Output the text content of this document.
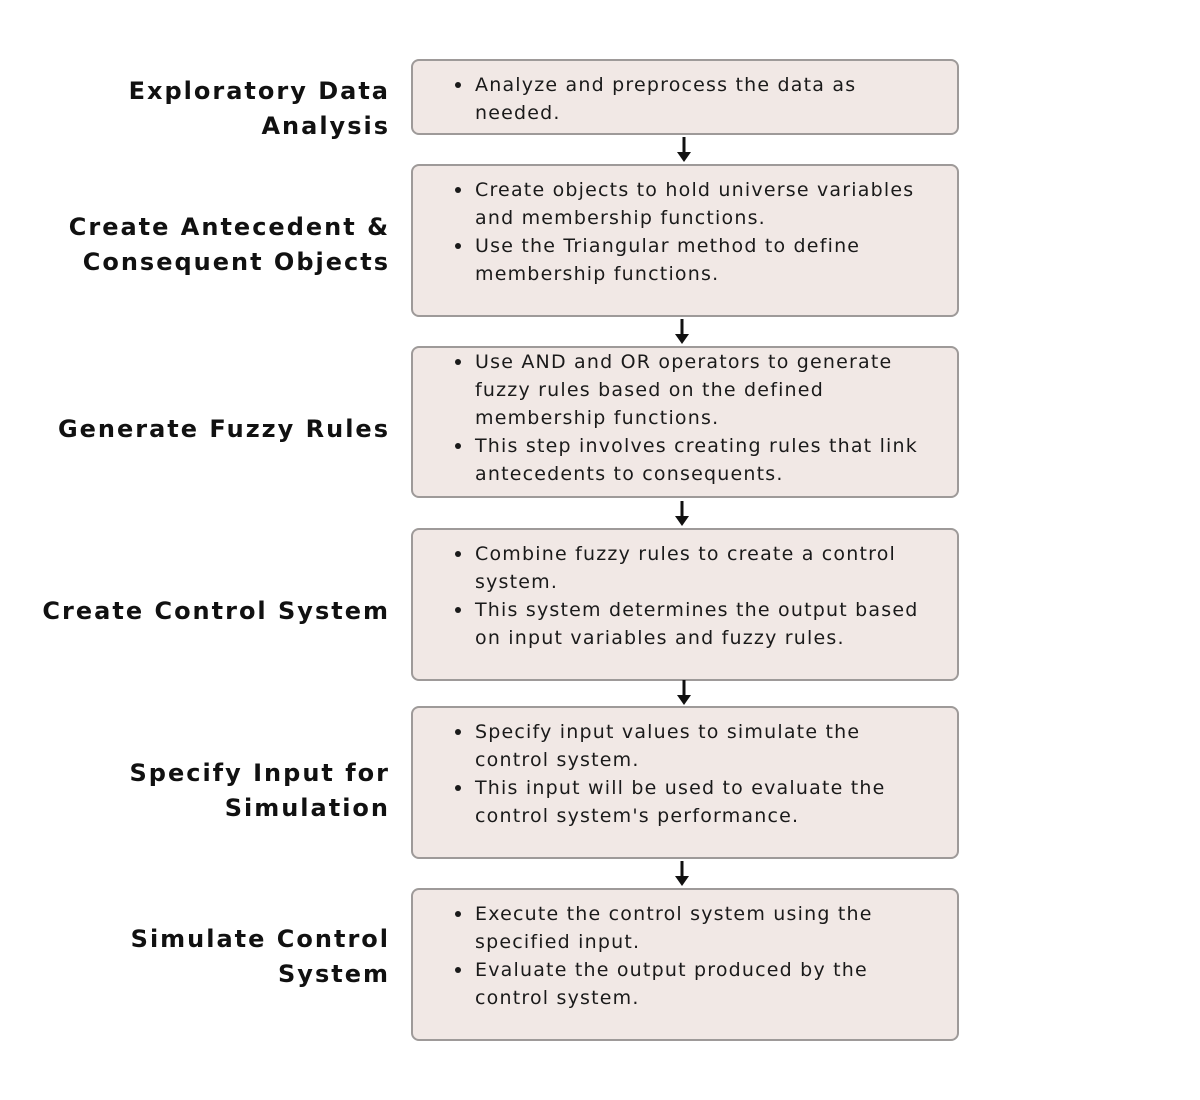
Exploratory Data Analysis
Create Antecedent & Consequent Objects
Generate Fuzzy Rules
Create Control System
Specify Input for Simulation
Simulate Control System
Analyze and preprocess the data as needed.
Create objects to hold universe variables and membership functions.
Use the Triangular method to define membership functions.
Use AND and OR operators to generate fuzzy rules based on the defined membership functions.
This step involves creating rules that link antecedents to consequents.
Combine fuzzy rules to create a control system.
This system determines the output based on input variables and fuzzy rules.
Specify input values to simulate the control system.
This input will be used to evaluate the control system's performance.
Execute the control system using the specified input.
Evaluate the output produced by the control system.
